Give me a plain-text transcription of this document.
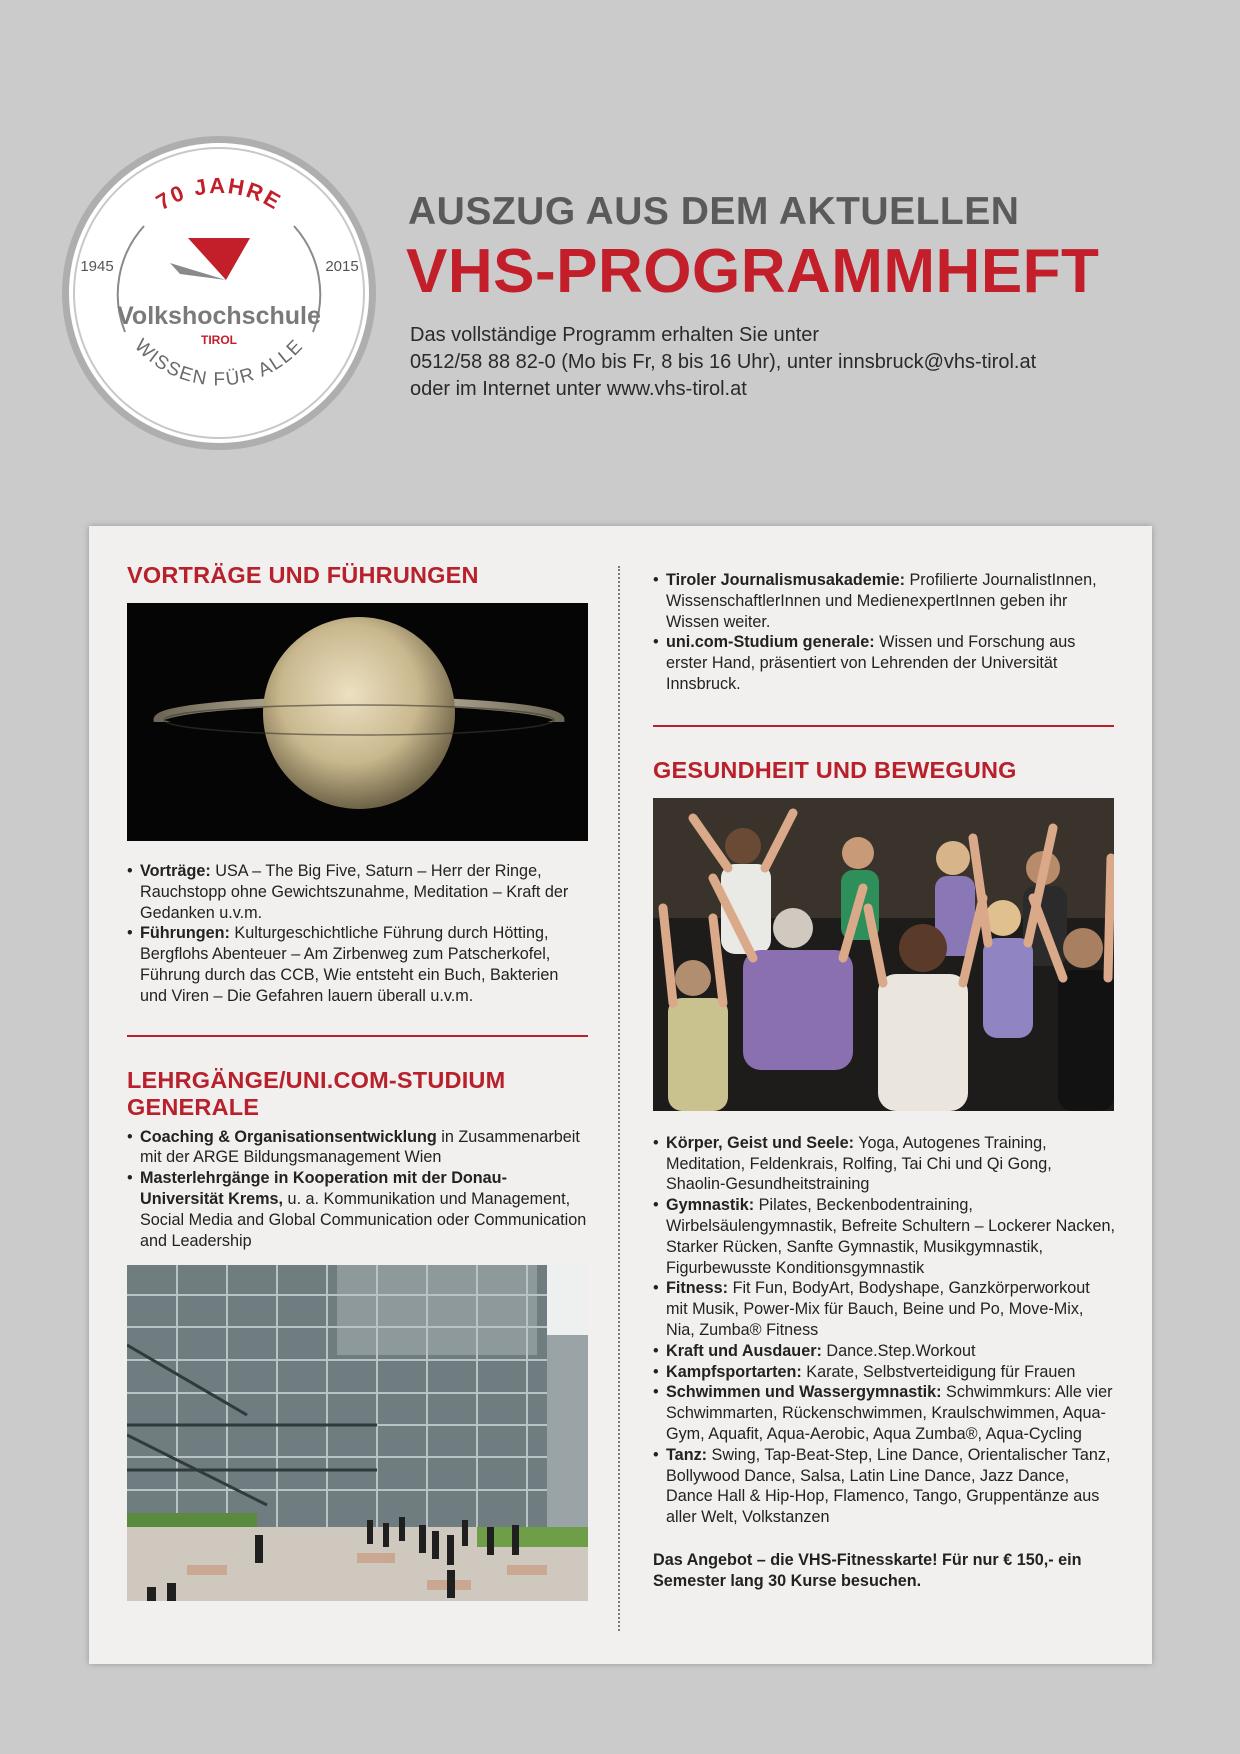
70 JAHRE
1945	2015
Volkshochschule
TIROL
WISSEN FÜR ALLE
AUSZUG AUS DEM AKTUELLEN
VHS-PROGRAMMHEFT
Das vollständige Programm erhalten Sie unter
0512/58 88 82-0 (Mo bis Fr, 8 bis 16 Uhr), unter innsbruck@vhs-tirol.at
oder im Internet unter www.vhs-tirol.at
VORTRÄGE UND FÜHRUNGEN
• Vorträge: USA – The Big Five, Saturn – Herr der Ringe, Rauchstopp ohne Gewichtszunahme, Meditation – Kraft der Gedanken u.v.m.
• Führungen: Kulturgeschichtliche Führung durch Hötting, Bergflohs Abenteuer – Am Zirbenweg zum Patscherkofel, Führung durch das CCB, Wie entsteht ein Buch, Bakterien und Viren – Die Gefahren lauern überall u.v.m.
LEHRGÄNGE/UNI.COM-STUDIUM GENERALE
• Coaching & Organisationsentwicklung in Zusammenarbeit mit der ARGE Bildungsmanagement Wien
• Masterlehrgänge in Kooperation mit der Donau-Universität Krems, u. a. Kommunikation und Management, Social Media and Global Communication oder Communication and Leadership
• Tiroler Journalismusakademie: Profilierte JournalistInnen, WissenschaftlerInnen und MedienexpertInnen geben ihr Wissen weiter.
• uni.com-Studium generale: Wissen und Forschung aus erster Hand, präsentiert von Lehrenden der Universität Innsbruck.
GESUNDHEIT UND BEWEGUNG
• Körper, Geist und Seele: Yoga, Autogenes Training, Meditation, Feldenkrais, Rolfing, Tai Chi und Qi Gong, Shaolin-Gesundheitstraining
• Gymnastik: Pilates, Beckenbodentraining, Wirbelsäulengymnastik, Befreite Schultern – Lockerer Nacken, Starker Rücken, Sanfte Gymnastik, Musikgymnastik, Figurbewusste Konditionsgymnastik
• Fitness: Fit Fun, BodyArt, Bodyshape, Ganzkörperworkout mit Musik, Power-Mix für Bauch, Beine und Po, Move-Mix, Nia, Zumba® Fitness
• Kraft und Ausdauer: Dance.Step.Workout
• Kampfsportarten: Karate, Selbstverteidigung für Frauen
• Schwimmen und Wassergymnastik: Schwimmkurs: Alle vier Schwimmarten, Rückenschwimmen, Kraulschwimmen, Aqua-Gym, Aquafit, Aqua-Aerobic, Aqua Zumba®, Aqua-Cycling
• Tanz: Swing, Tap-Beat-Step, Line Dance, Orientalischer Tanz, Bollywood Dance, Salsa, Latin Line Dance, Jazz Dance, Dance Hall & Hip-Hop, Flamenco, Tango, Gruppentänze aus aller Welt, Volkstanzen
Das Angebot – die VHS-Fitnesskarte! Für nur € 150,- ein Semester lang 30 Kurse besuchen.
